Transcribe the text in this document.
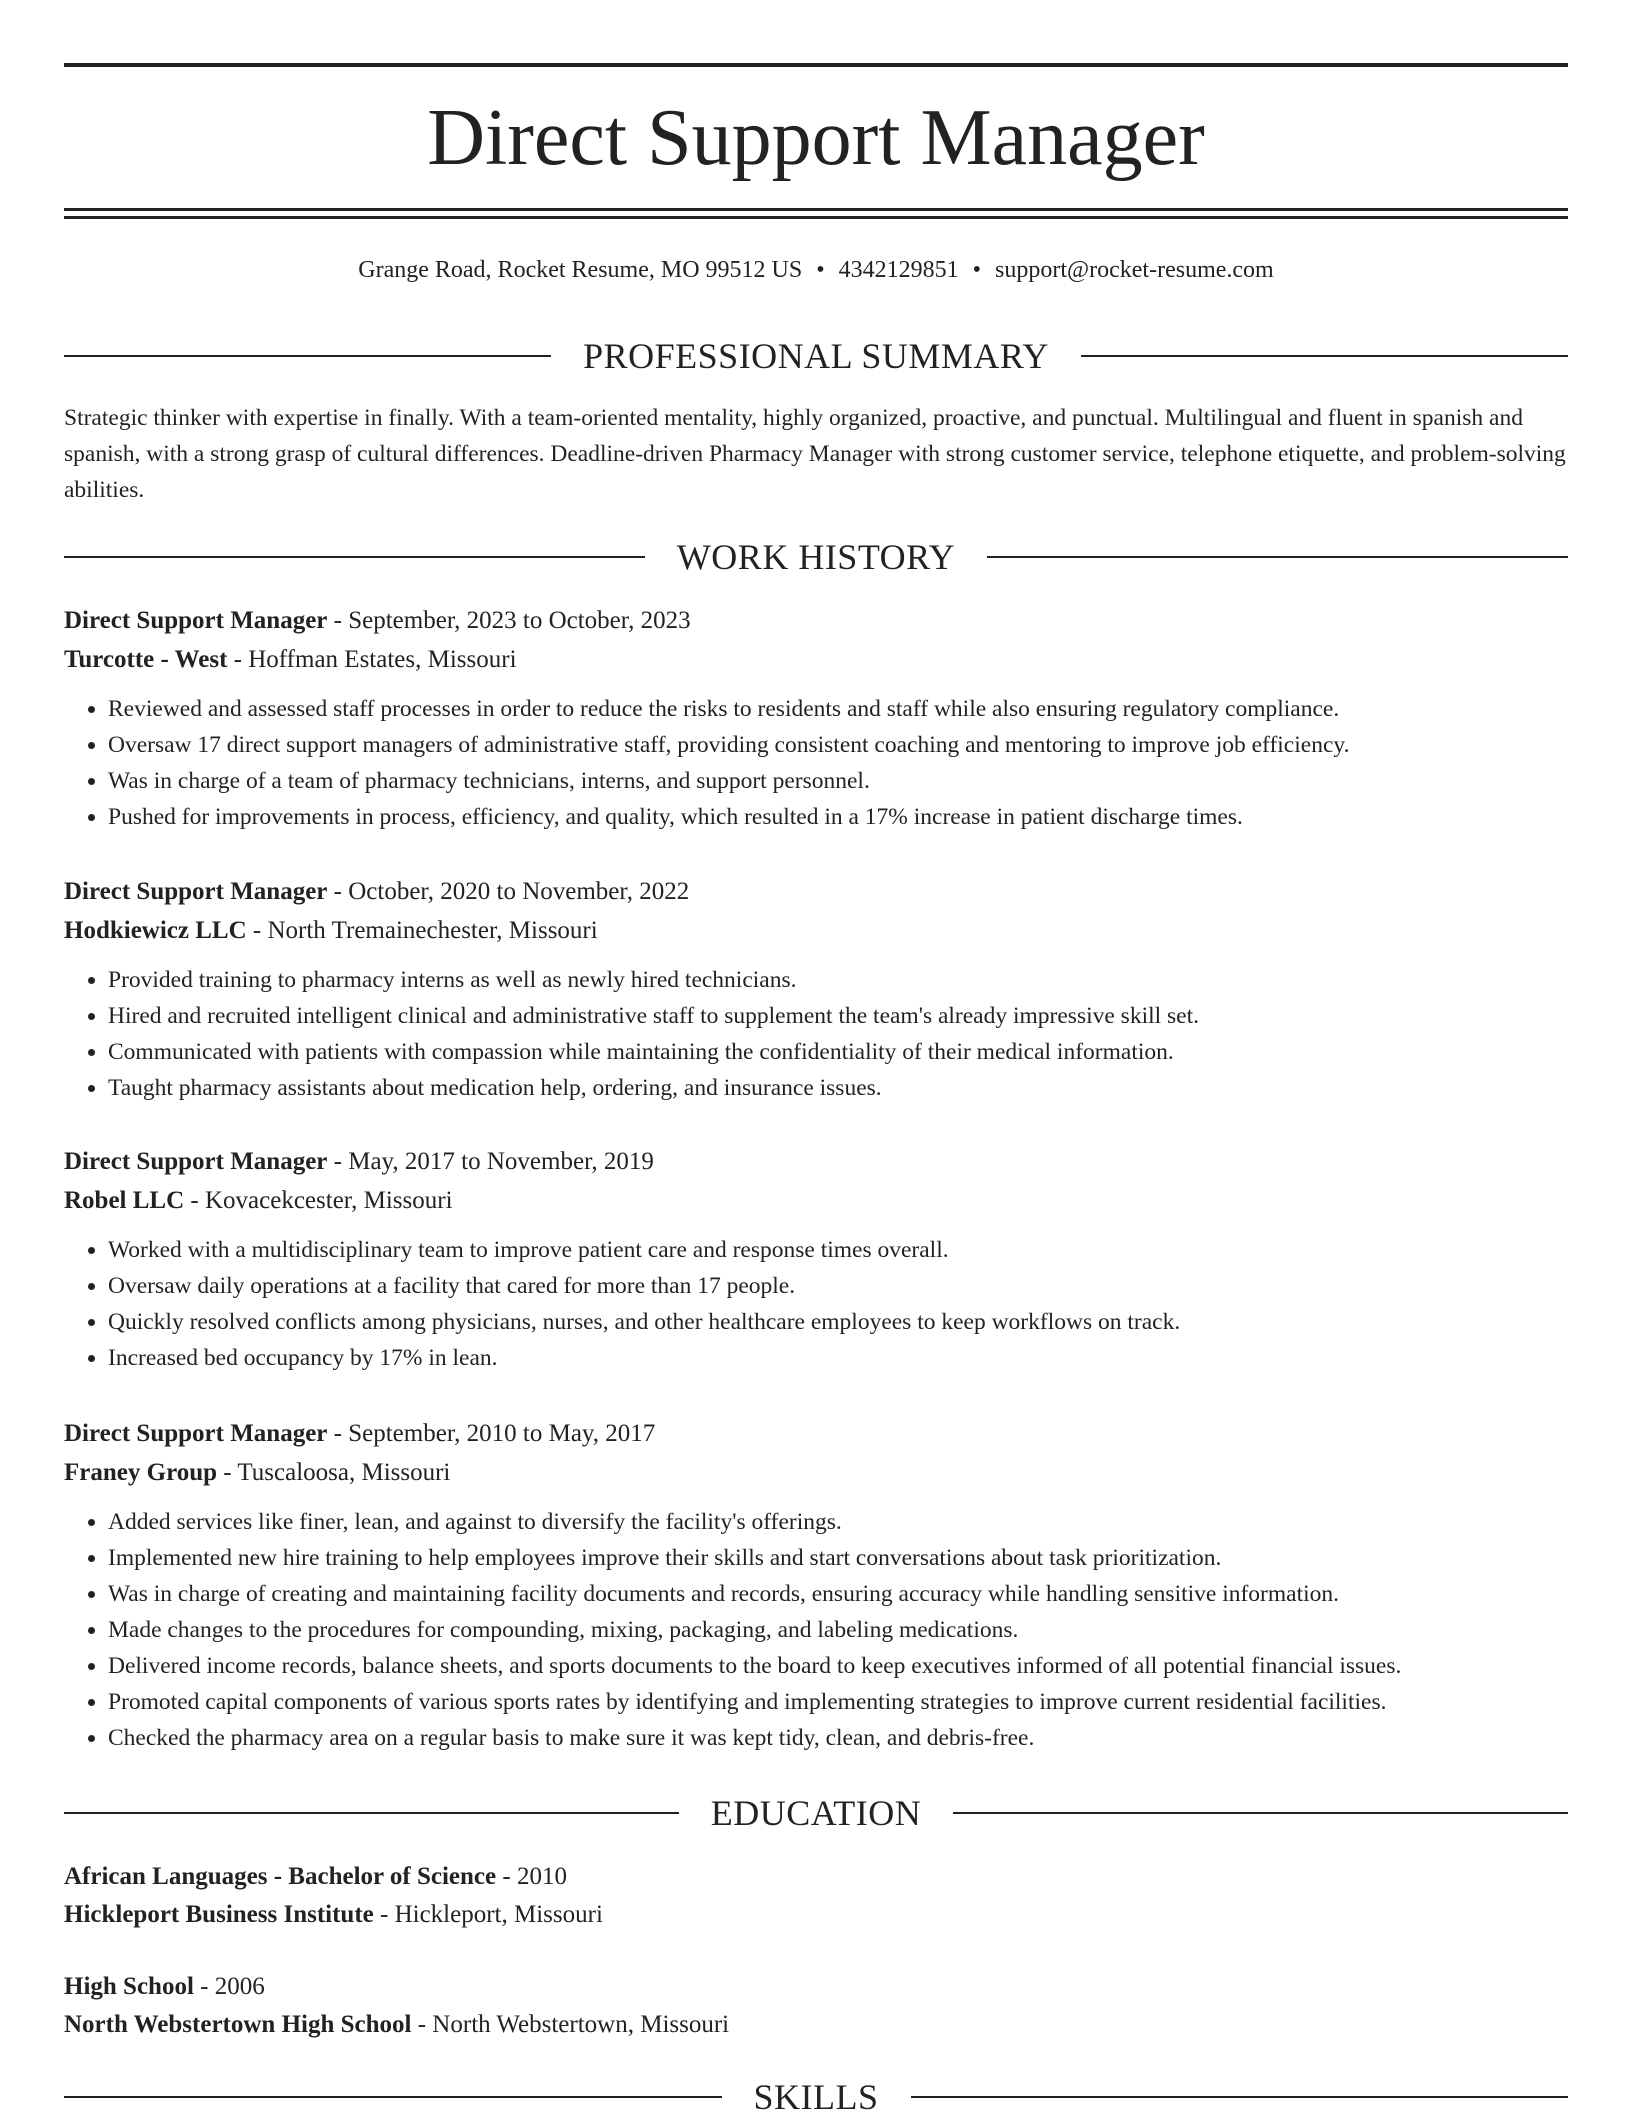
Direct Support Manager
Grange Road, Rocket Resume, MO 99512 US • 4342129851 • support@rocket-resume.com
PROFESSIONAL SUMMARY

Strategic thinker with expertise in finally. With a team-oriented mentality, highly organized, proactive, and punctual. Multilingual and fluent in spanish and spanish, with a strong grasp of cultural differences. Deadline-driven Pharmacy Manager with strong customer service, telephone etiquette, and problem-solving abilities.

WORK HISTORY
Direct Support Manager - September, 2023 to October, 2023
Turcotte - West - Hoffman Estates, Missouri
• Reviewed and assessed staff processes in order to reduce the risks to residents and staff while also ensuring regulatory compliance.
• Oversaw 17 direct support managers of administrative staff, providing consistent coaching and mentoring to improve job efficiency.
• Was in charge of a team of pharmacy technicians, interns, and support personnel.
• Pushed for improvements in process, efficiency, and quality, which resulted in a 17% increase in patient discharge times.
Direct Support Manager - October, 2020 to November, 2022
Hodkiewicz LLC - North Tremainechester, Missouri
• Provided training to pharmacy interns as well as newly hired technicians.
• Hired and recruited intelligent clinical and administrative staff to supplement the team's already impressive skill set.
• Communicated with patients with compassion while maintaining the confidentiality of their medical information.
• Taught pharmacy assistants about medication help, ordering, and insurance issues.
Direct Support Manager - May, 2017 to November, 2019
Robel LLC - Kovacekcester, Missouri
• Worked with a multidisciplinary team to improve patient care and response times overall.
• Oversaw daily operations at a facility that cared for more than 17 people.
• Quickly resolved conflicts among physicians, nurses, and other healthcare employees to keep workflows on track.
• Increased bed occupancy by 17% in lean.
Direct Support Manager - September, 2010 to May, 2017
Franey Group - Tuscaloosa, Missouri
• Added services like finer, lean, and against to diversify the facility's offerings.
• Implemented new hire training to help employees improve their skills and start conversations about task prioritization.
• Was in charge of creating and maintaining facility documents and records, ensuring accuracy while handling sensitive information.
• Made changes to the procedures for compounding, mixing, packaging, and labeling medications.
• Delivered income records, balance sheets, and sports documents to the board to keep executives informed of all potential financial issues.
• Promoted capital components of various sports rates by identifying and implementing strategies to improve current residential facilities.
• Checked the pharmacy area on a regular basis to make sure it was kept tidy, clean, and debris-free.
EDUCATION
African Languages - Bachelor of Science - 2010
Hickleport Business Institute - Hickleport, Missouri
High School - 2006
North Webstertown High School - North Webstertown, Missouri
SKILLS
